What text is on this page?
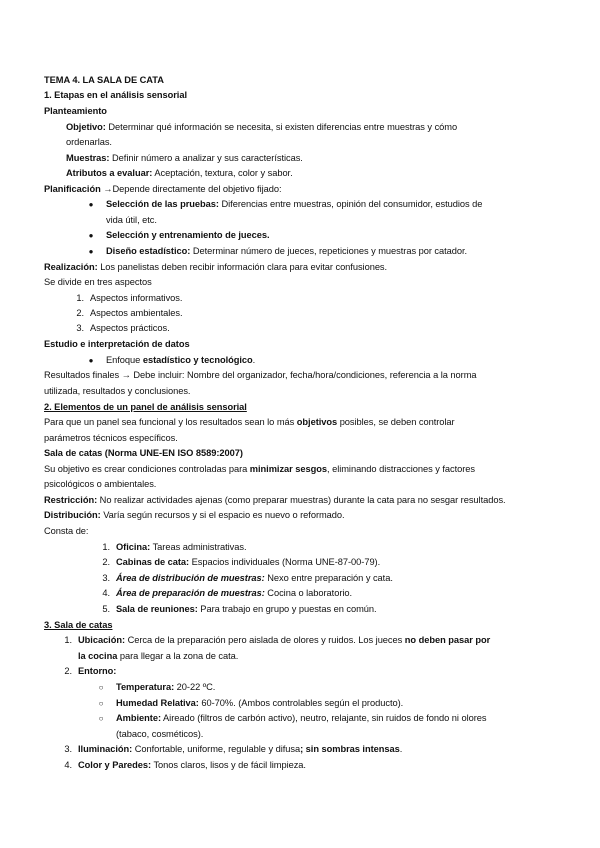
TEMA 4. LA SALA DE CATA
1. Etapas en el análisis sensorial
Planteamiento
Objetivo: Determinar qué información se necesita, si existen diferencias entre muestras y cómo
ordenarlas.
Muestras: Definir número a analizar y sus características.
Atributos a evaluar: Aceptación, textura, color y sabor.
Planificación →Depende directamente del objetivo fijado:
● Selección de las pruebas: Diferencias entre muestras, opinión del consumidor, estudios de
vida útil, etc.
● Selección y entrenamiento de jueces.
● Diseño estadístico: Determinar número de jueces, repeticiones y muestras por catador.
Realización: Los panelistas deben recibir información clara para evitar confusiones.
Se divide en tres aspectos
1. Aspectos informativos.
2. Aspectos ambientales.
3. Aspectos prácticos.
Estudio e interpretación de datos
● Enfoque estadístico y tecnológico.
Resultados finales → Debe incluir: Nombre del organizador, fecha/hora/condiciones, referencia a la norma
utilizada, resultados y conclusiones.
2. Elementos de un panel de análisis sensorial
Para que un panel sea funcional y los resultados sean lo más objetivos posibles, se deben controlar
parámetros técnicos específicos.
Sala de catas (Norma UNE-EN ISO 8589:2007)
Su objetivo es crear condiciones controladas para minimizar sesgos, eliminando distracciones y factores
psicológicos o ambientales.
Restricción: No realizar actividades ajenas (como preparar muestras) durante la cata para no sesgar resultados.
Distribución: Varía según recursos y si el espacio es nuevo o reformado.
Consta de:
1. Oficina: Tareas administrativas.
2. Cabinas de cata: Espacios individuales (Norma UNE-87-00-79).
3. Área de distribución de muestras: Nexo entre preparación y cata.
4. Área de preparación de muestras: Cocina o laboratorio.
5. Sala de reuniones: Para trabajo en grupo y puestas en común.
3. Sala de catas
1. Ubicación: Cerca de la preparación pero aislada de olores y ruidos. Los jueces no deben pasar por
la cocina para llegar a la zona de cata.
2. Entorno:
○ Temperatura: 20-22 ºC.
○ Humedad Relativa: 60-70%. (Ambos controlables según el producto).
○ Ambiente: Aireado (filtros de carbón activo), neutro, relajante, sin ruidos de fondo ni olores
(tabaco, cosméticos).
3. Iluminación: Confortable, uniforme, regulable y difusa; sin sombras intensas.
4. Color y Paredes: Tonos claros, lisos y de fácil limpieza.
